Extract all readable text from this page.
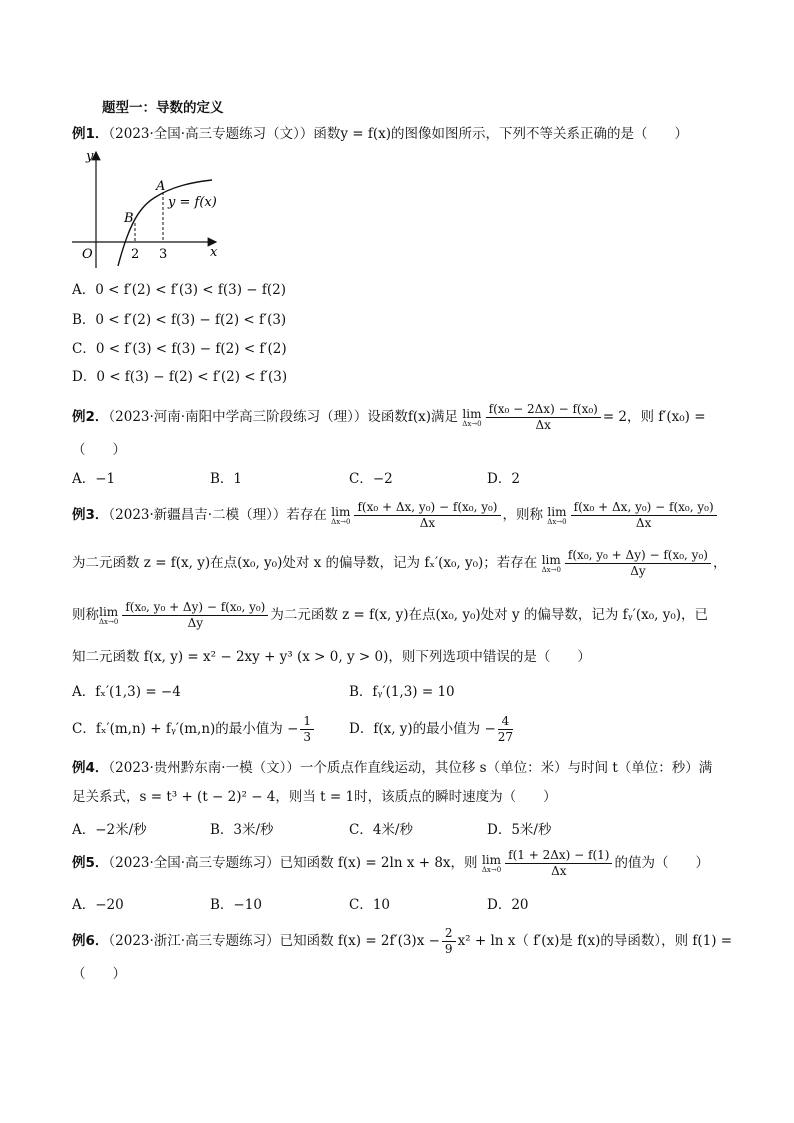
题型一：导数的定义
例1．（2023·全国·高三专题练习（文））函数y = f(x)的图像如图所示，下列不等关系正确的是（　　）
y
x
O
A
B
2 3
y = f(x)
A．0 < f′(2) < f′(3) < f(3) − f(2)
B．0 < f′(2) < f(3) − f(2) < f′(3)
C．0 < f′(3) < f(3) − f(2) < f′(2)
D．0 < f(3) − f(2) < f′(2) < f′(3)
例2．（2023·河南·南阳中学高三阶段练习（理））设函数f(x)满足 lim
$\Delta x\to 0 \frac{\text{f(x₀ − 2Δx) − f(x₀)}}{\Delta x} = 2$，则 f′(x₀) =
（　　）
A．−1	B．1	C．−2	D．2
例3．（2023·新疆昌吉·二模（理））若存在 lim
$\Delta x\to 0 \frac{\text{f(x₀ + Δx, y₀) − f(x₀, y₀)}}{\Delta x}$ ，则称 lim
$\Delta x\to 0 \frac{\text{f(x₀ + Δx, y₀) − f(x₀, y₀)}}{\Delta x}$
为二元函数 z = f(x, y)在点(x₀, y₀)处对 x 的偏导数，记为 fₓ′(x₀, y₀)；若存在 lim
$\Delta x\to 0 \frac{\text{f(x₀, y₀ + Δy) − f(x₀, y₀)}}{\Delta y}$ ，
则称lim
$\Delta x\to 0 \frac{\text{f(x₀, y₀ + Δy) − f(x₀, y₀)}}{\Delta y}$ 为二元函数 z = f(x, y)在点(x₀, y₀)处对 y 的偏导数，记为 fᵧ′(x₀, y₀)，已
知二元函数 f(x, y) = x² − 2xy + y³ (x > 0, y > 0)，则下列选项中错误的是（　　）
A．fₓ′(1,3) = −4	B．fᵧ′(1,3) = 10
C．fₓ′(m,n) + fᵧ′(m,n)的最小值为 − $\frac{1}{3}$	D．f(x, y)的最小值为 − $\frac{4}{27}$
例4．（2023·贵州黔东南·一模（文））一个质点作直线运动，其位移 s（单位：米）与时间 t（单位：秒）满
足关系式，s = t³ + (t − 2)² − 4，则当 t = 1时，该质点的瞬时速度为（　　）
A．−2米/秒	B．3米/秒	C．4米/秒	D．5米/秒
例5．（2023·全国·高三专题练习）已知函数 f(x) = 2ln x + 8x，则 lim
$\Delta x\to 0 \frac{f(1 + 2\Delta x) - f(1)}{\Delta x}$ 的值为（　　）
A．−20	B．−10	C．10	D．20
例6．（2023·浙江·高三专题练习）已知函数 $f(x) = 2f'(3)x - \frac{2}{9} x^2 + \ln x$（ f′(x)是 f(x)的导函数），则 f(1) =
（　　）
